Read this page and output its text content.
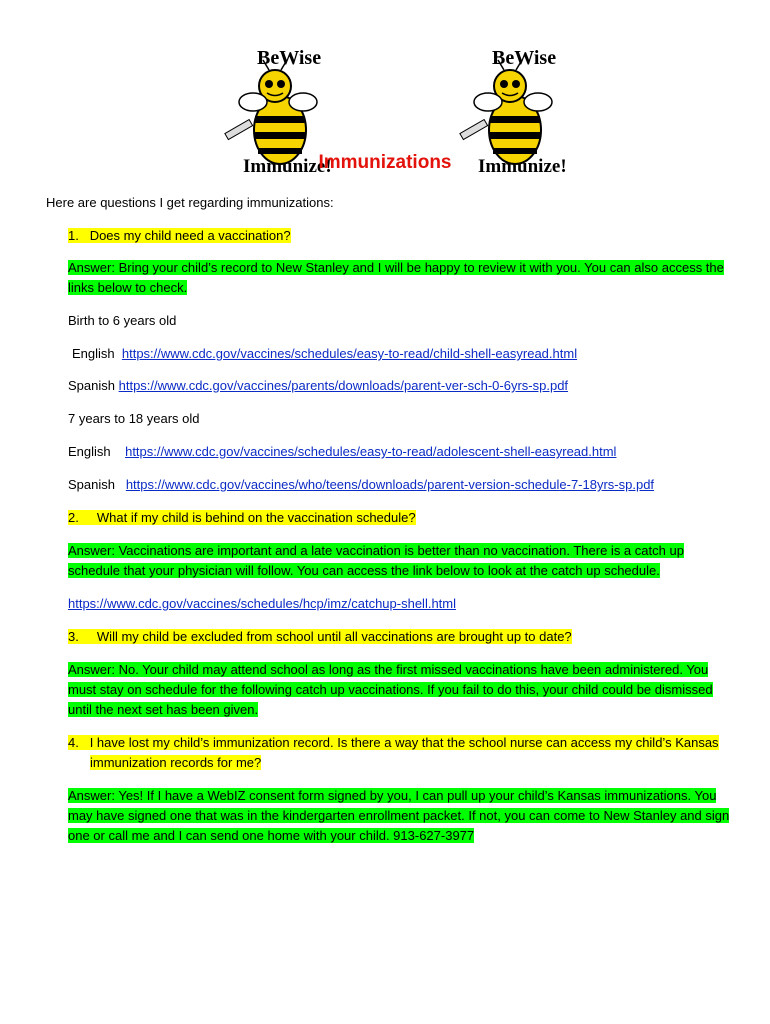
BeWise
Immunize!
BeWise
Immunize!
Immunizations
Here are questions I get regarding immunizations:
1. Does my child need a vaccination?
Answer: Bring your child’s record to New Stanley and I will be happy to review it with you. You can also access the
links below to check.
Birth to 6 years old
English https://www.cdc.gov/vaccines/schedules/easy-to-read/child-shell-easyread.html
Spanish https://www.cdc.gov/vaccines/parents/downloads/parent-ver-sch-0-6yrs-sp.pdf
7 years to 18 years old
English https://www.cdc.gov/vaccines/schedules/easy-to-read/adolescent-shell-easyread.html
Spanish https://www.cdc.gov/vaccines/who/teens/downloads/parent-version-schedule-7-18yrs-sp.pdf
2. What if my child is behind on the vaccination schedule?
Answer: Vaccinations are important and a late vaccination is better than no vaccination. There is a catch up
schedule that your physician will follow. You can access the link below to look at the catch up schedule.
https://www.cdc.gov/vaccines/schedules/hcp/imz/catchup-shell.html
3. Will my child be excluded from school until all vaccinations are brought up to date?
Answer: No. Your child may attend school as long as the first missed vaccinations have been administered. You
must stay on schedule for the following catch up vaccinations. If you fail to do this, your child could be dismissed
until the next set has been given.
4. I have lost my child’s immunization record. Is there a way that the school nurse can access my child’s Kansas
immunization records for me?
Answer: Yes! If I have a WebIZ consent form signed by you, I can pull up your child’s Kansas immunizations. You
may have signed one that was in the kindergarten enrollment packet. If not, you can come to New Stanley and sign
one or call me and I can send one home with your child. 913-627-3977
